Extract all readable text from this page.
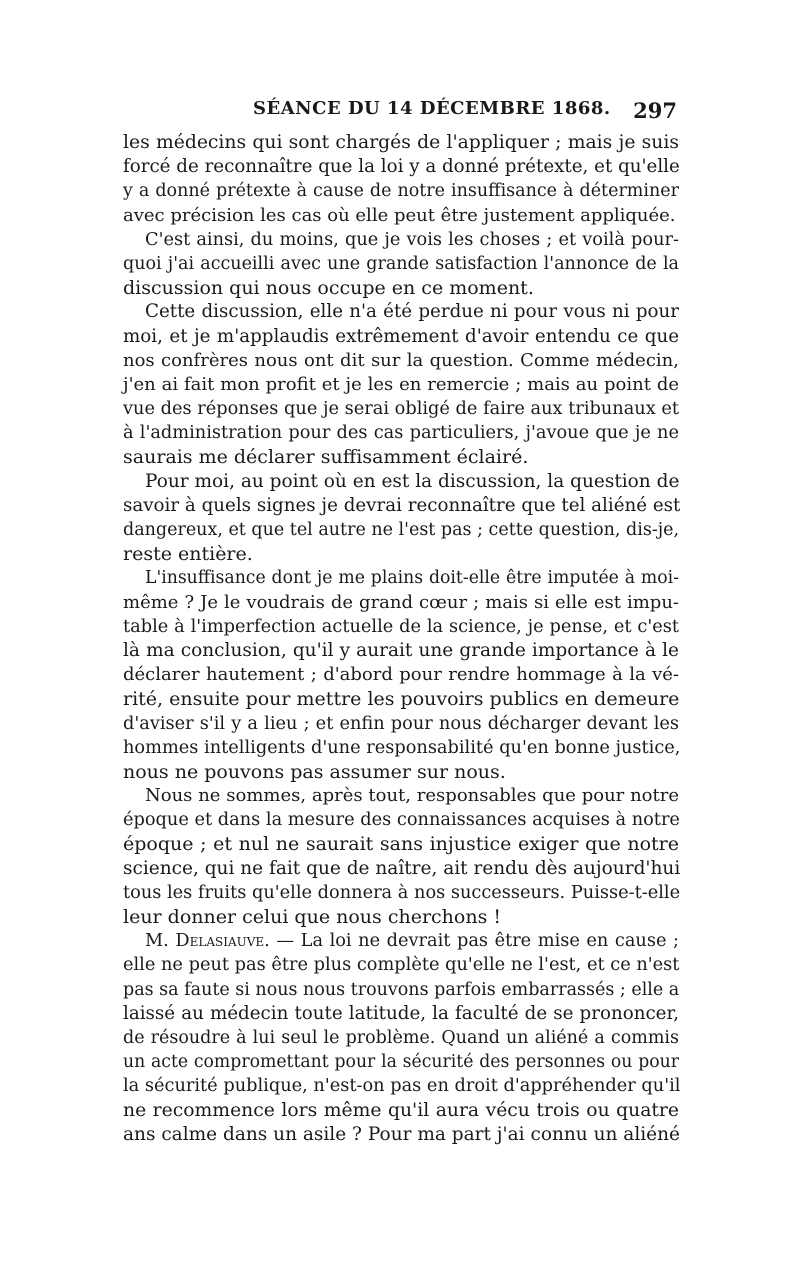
SÉANCE DU 14 DÉCEMBRE 1868. 297
les médecins qui sont chargés de l'appliquer ; mais je suis
forcé de reconnaître que la loi y a donné prétexte, et qu'elle
y a donné prétexte à cause de notre insuffisance à déterminer
avec précision les cas où elle peut être justement appliquée.
C'est ainsi, du moins, que je vois les choses ; et voilà pour-
quoi j'ai accueilli avec une grande satisfaction l'annonce de la
discussion qui nous occupe en ce moment.
Cette discussion, elle n'a été perdue ni pour vous ni pour
moi, et je m'applaudis extrêmement d'avoir entendu ce que
nos confrères nous ont dit sur la question. Comme médecin,
j'en ai fait mon profit et je les en remercie ; mais au point de
vue des réponses que je serai obligé de faire aux tribunaux et
à l'administration pour des cas particuliers, j'avoue que je ne
saurais me déclarer suffisamment éclairé.
Pour moi, au point où en est la discussion, la question de
savoir à quels signes je devrai reconnaître que tel aliéné est
dangereux, et que tel autre ne l'est pas ; cette question, dis-je,
reste entière.
L'insuffisance dont je me plains doit-elle être imputée à moi-
même ? Je le voudrais de grand cœur ; mais si elle est impu-
table à l'imperfection actuelle de la science, je pense, et c'est
là ma conclusion, qu'il y aurait une grande importance à le
déclarer hautement ; d'abord pour rendre hommage à la vé-
rité, ensuite pour mettre les pouvoirs publics en demeure
d'aviser s'il y a lieu ; et enfin pour nous décharger devant les
hommes intelligents d'une responsabilité qu'en bonne justice,
nous ne pouvons pas assumer sur nous.
Nous ne sommes, après tout, responsables que pour notre
époque et dans la mesure des connaissances acquises à notre
époque ; et nul ne saurait sans injustice exiger que notre
science, qui ne fait que de naître, ait rendu dès aujourd'hui
tous les fruits qu'elle donnera à nos successeurs. Puisse-t-elle
leur donner celui que nous cherchons !
M. Delasiauve. — La loi ne devrait pas être mise en cause ;
elle ne peut pas être plus complète qu'elle ne l'est, et ce n'est
pas sa faute si nous nous trouvons parfois embarrassés ; elle a
laissé au médecin toute latitude, la faculté de se prononcer,
de résoudre à lui seul le problème. Quand un aliéné a commis
un acte compromettant pour la sécurité des personnes ou pour
la sécurité publique, n'est-on pas en droit d'appréhender qu'il
ne recommence lors même qu'il aura vécu trois ou quatre
ans calme dans un asile ? Pour ma part j'ai connu un aliéné
